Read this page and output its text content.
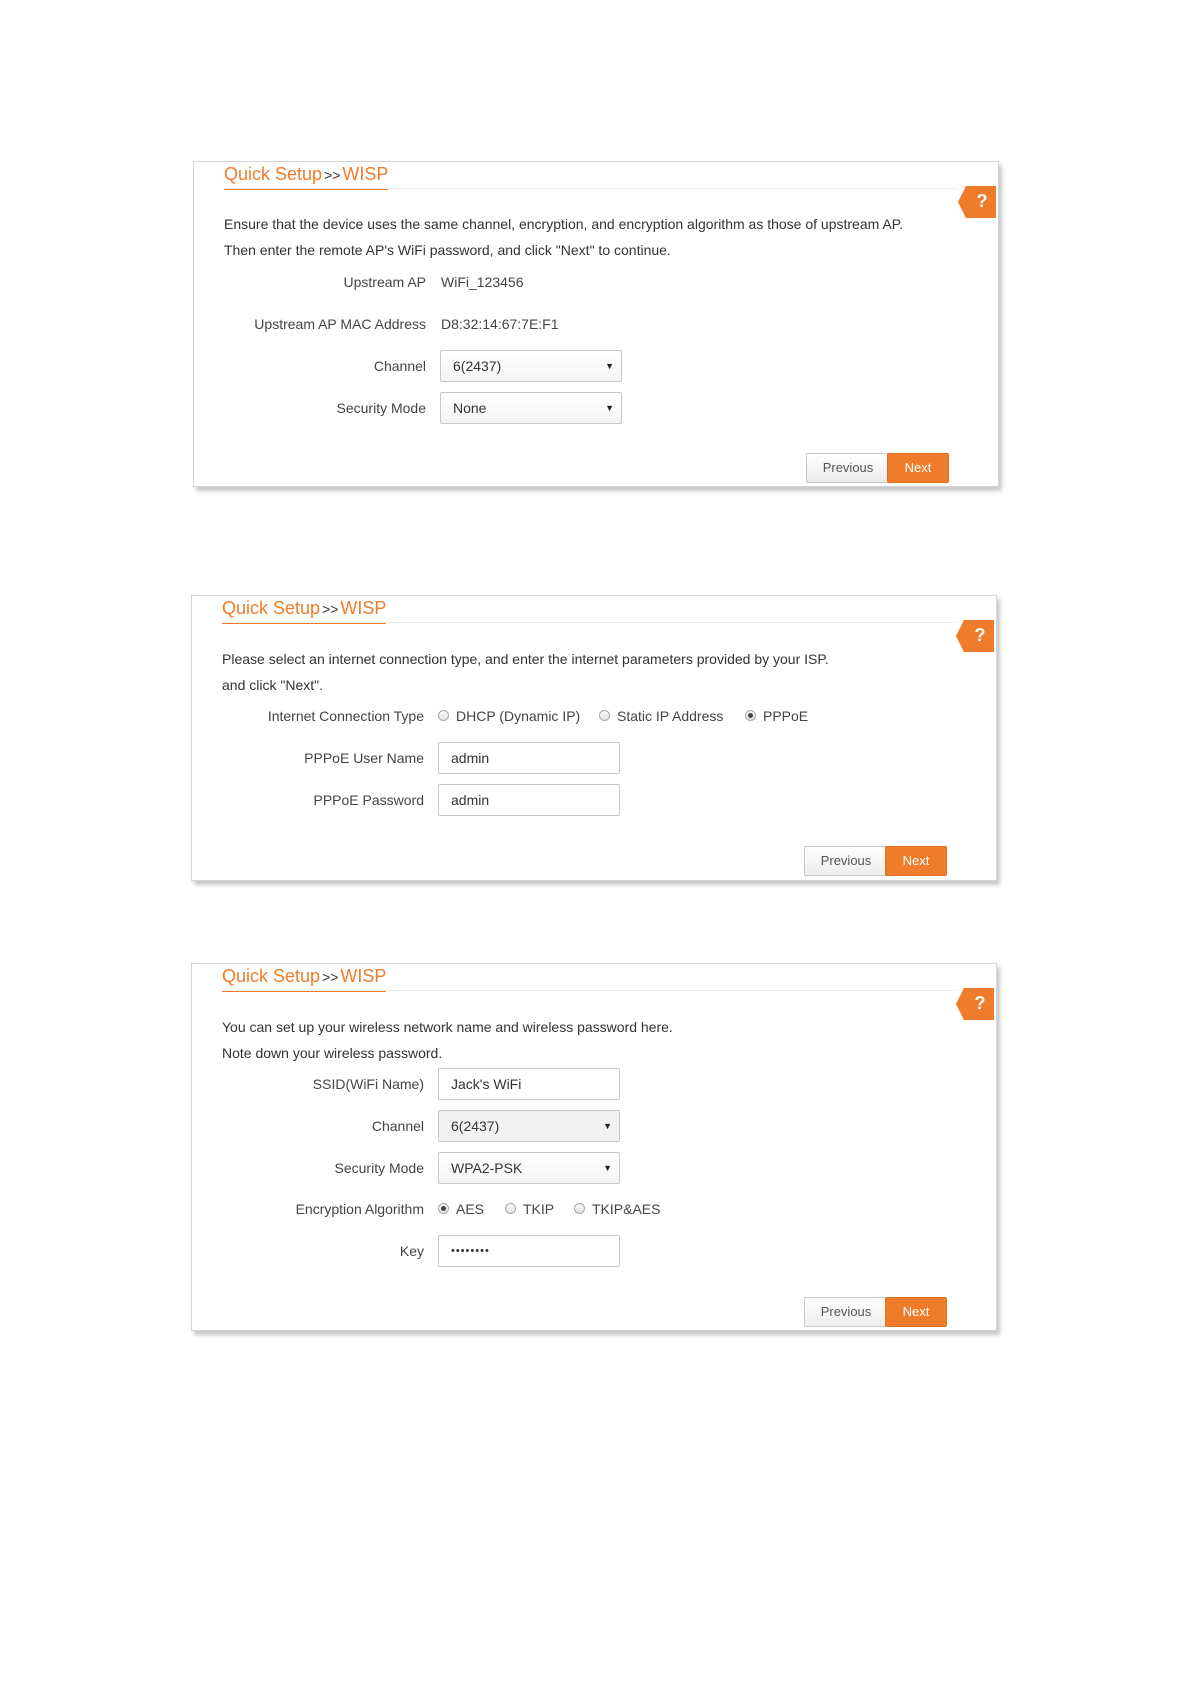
Quick Setup >> WISP
?
Ensure that the device uses the same channel, encryption, and encryption algorithm as those of upstream AP.
Then enter the remote AP's WiFi password, and click "Next" to continue.
Upstream AP WiFi_123456
Upstream AP MAC Address D8:32:14:67:7E:F1
Channel	6(2437)	▼
Security Mode	None	▼
Previous	Next
Quick Setup >> WISP
?
Please select an internet connection type, and enter the internet parameters provided by your ISP.
and click "Next".
Internet Connection Type DHCP (Dynamic IP)	Static IP Address	PPPoE
PPPoE User Name	admin
PPPoE Password	admin
Previous	Next
Quick Setup >> WISP
?
You can set up your wireless network name and wireless password here.
Note down your wireless password.
SSID(WiFi Name)	Jack's WiFi
Channel	6(2437)	▼
Security Mode	WPA2-PSK	▼
Encryption Algorithm AES	TKIP	TKIP&AES
Key	••••••••
Previous	Next
